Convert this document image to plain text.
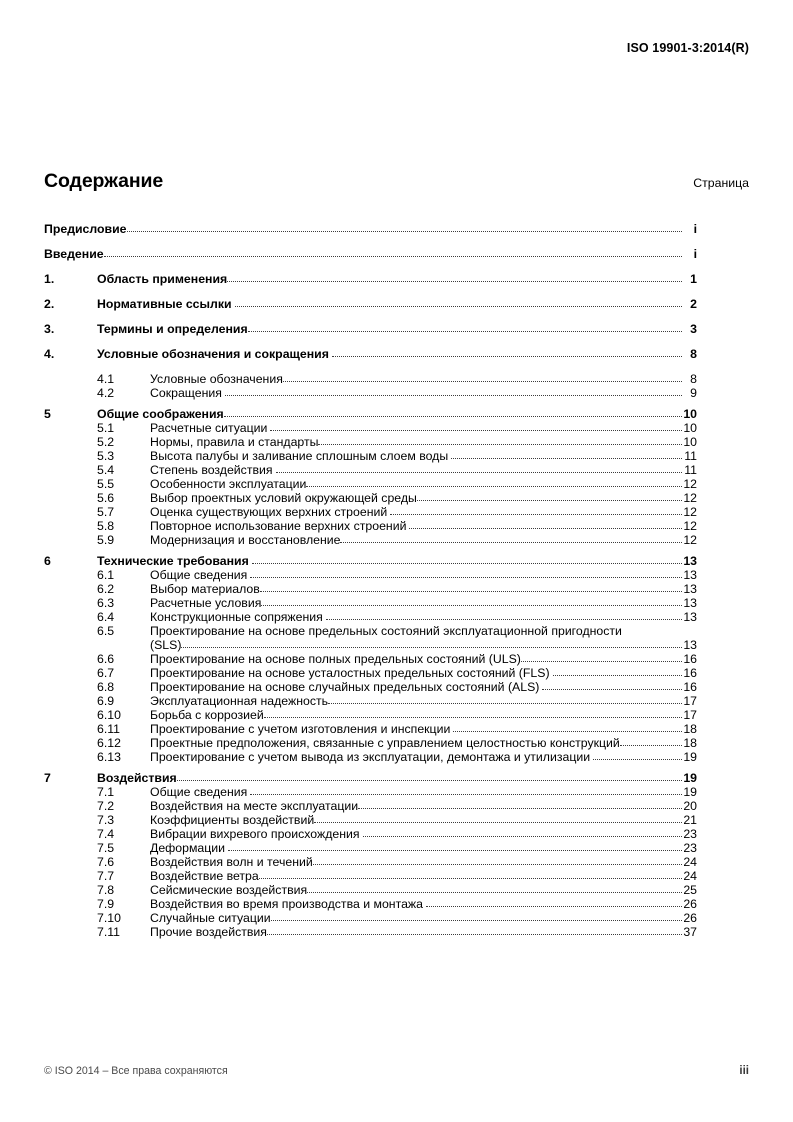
ISO 19901-3:2014(R)
Содержание	Страница
Предисловие	i
Введение	i
1.	Область применения	1
2.	Нормативные ссылки	2
3.	Термины и определения	3
4.	Условные обозначения и сокращения	8
4.1	Условные обозначения	8
4.2	Сокращения	9
5	Общие соображения	10
5.1	Расчетные ситуации	10
5.2	Нормы, правила и стандарты	10
5.3	Высота палубы и заливание сплошным слоем воды	11
5.4	Степень воздействия	11
5.5	Особенности эксплуатации	12
5.6	Выбор проектных условий окружающей среды	12
5.7	Оценка существующих верхних строений	12
5.8	Повторное использование верхних строений	12
5.9	Модернизация и восстановление	12
6	Технические требования	13
6.1	Общие сведения	13
6.2	Выбор материалов	13
6.3	Расчетные условия	13
6.4	Конструкционные сопряжения	13
6.5	Проектирование на основе предельных состояний эксплуатационной пригодности
(SLS)	13
6.6	Проектирование на основе полных предельных состояний (ULS)	16
6.7	Проектирование на основе усталостных предельных состояний (FLS)	16
6.8	Проектирование на основе случайных предельных состояний (ALS)	16
6.9	Эксплуатационная надежность	17
6.10	Борьба с коррозией	17
6.11	Проектирование с учетом изготовления и инспекции	18
6.12	Проектные предположения, связанные с управлением целостностью конструкций	18
6.13	Проектирование с учетом вывода из эксплуатации, демонтажа и утилизации	19
7	Воздействия	19
7.1	Общие сведения	19
7.2	Воздействия на месте эксплуатации	20
7.3	Коэффициенты воздействий	21
7.4	Вибрации вихревого происхождения	23
7.5	Деформации	23
7.6	Воздействия волн и течений	24
7.7	Воздействие ветра	24
7.8	Сейсмические воздействия	25
7.9	Воздействия во время производства и монтажа	26
7.10	Случайные ситуации	26
7.11	Прочие воздействия	37
© ISO 2014 – Все права сохраняются	iii
